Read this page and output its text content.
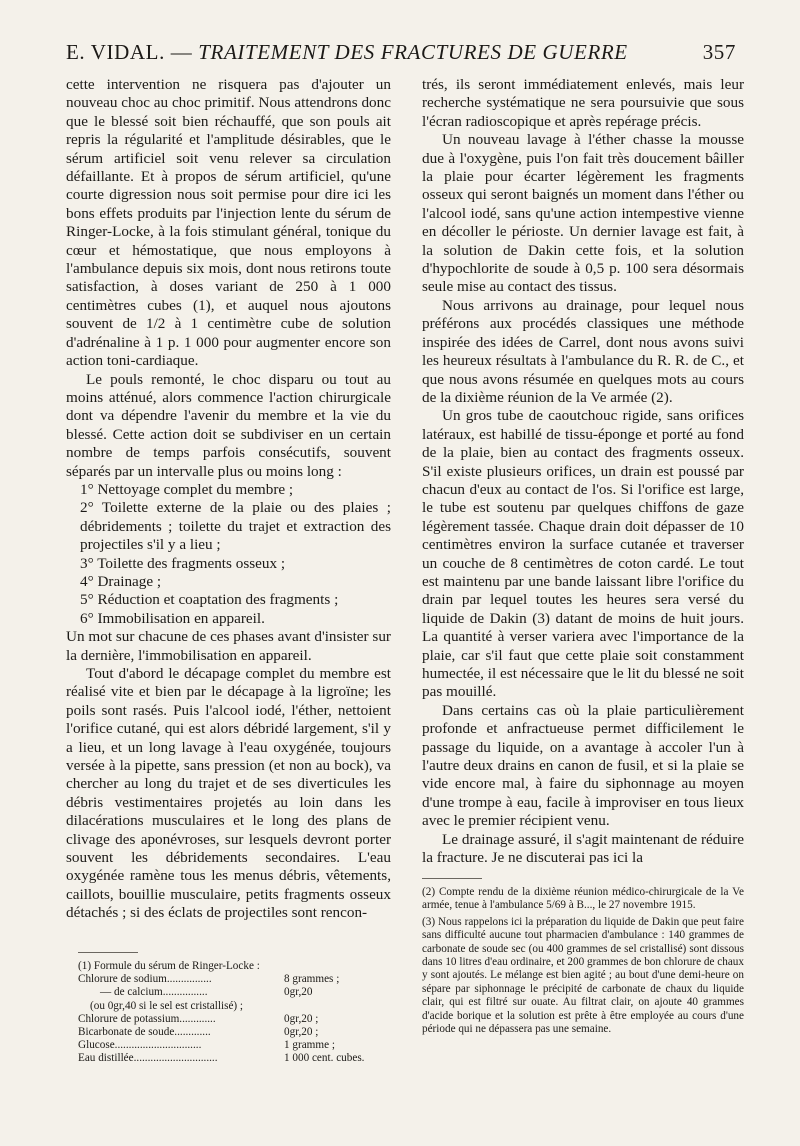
E. VIDAL. — TRAITEMENT DES FRACTURES DE GUERRE	357

cette intervention ne risquera pas d'ajouter un nouveau choc au choc primitif. Nous attendrons donc que le blessé soit bien réchauffé, que son pouls ait repris la régularité et l'amplitude désirables, que le sérum artificiel soit venu relever sa circulation défaillante. Et à propos de sérum artificiel, qu'une courte digression nous soit permise pour dire ici les bons effets produits par l'injection lente du sérum de Ringer-Locke, à la fois stimulant général, tonique du cœur et hémostatique, que nous employons à l'ambulance depuis six mois, dont nous retirons toute satisfaction, à doses variant de 250 à 1 000 centimètres cubes (1), et auquel nous ajoutons souvent de 1/2 à 1 centimètre cube de solution d'adrénaline à 1 p. 1 000 pour augmenter encore son action toni-cardiaque.

Le pouls remonté, le choc disparu ou tout au moins atténué, alors commence l'action chirurgicale dont va dépendre l'avenir du membre et la vie du blessé. Cette action doit se subdiviser en un certain nombre de temps parfois consécutifs, souvent séparés par un intervalle plus ou moins long :

1° Nettoyage complet du membre ;

2° Toilette externe de la plaie ou des plaies ; débridements ; toilette du trajet et extraction des projectiles s'il y a lieu ;

3° Toilette des fragments osseux ;

4° Drainage ;

5° Réduction et coaptation des fragments ;

6° Immobilisation en appareil.

Un mot sur chacune de ces phases avant d'insister sur la dernière, l'immobilisation en appareil.

Tout d'abord le décapage complet du membre est réalisé vite et bien par le décapage à la ligroïne; les poils sont rasés. Puis l'alcool iodé, l'éther, nettoient l'orifice cutané, qui est alors débridé largement, s'il y a lieu, et un long lavage à l'eau oxygénée, toujours versée à la pipette, sans pression (et non au bock), va chercher au long du trajet et de ses diverticules les débris vestimentaires projetés au loin dans les dilacérations musculaires et le long des plans de clivage des aponévroses, sur lesquels devront porter souvent les débridements secondaires. L'eau oxygénée ramène tous les menus débris, vêtements, caillots, bouillie musculaire, petits fragments osseux détachés ; si des éclats de projectiles sont rencon-

trés, ils seront immédiatement enlevés, mais leur recherche systématique ne sera poursuivie que sous l'écran radioscopique et après repérage précis.

Un nouveau lavage à l'éther chasse la mousse due à l'oxygène, puis l'on fait très doucement bâiller la plaie pour écarter légèrement les fragments osseux qui seront baignés un moment dans l'éther ou l'alcool iodé, sans qu'une action intempestive vienne en décoller le périoste. Un dernier lavage est fait, à la solution de Dakin cette fois, et la solution d'hypochlorite de soude à 0,5 p. 100 sera désormais seule mise au contact des tissus.

Nous arrivons au drainage, pour lequel nous préférons aux procédés classiques une méthode inspirée des idées de Carrel, dont nous avons suivi les heureux résultats à l'ambulance du R. R. de C., et que nous avons résumée en quelques mots au cours de la dixième réunion de la Ve armée (2).

Un gros tube de caoutchouc rigide, sans orifices latéraux, est habillé de tissu-éponge et porté au fond de la plaie, bien au contact des fragments osseux. S'il existe plusieurs orifices, un drain est poussé par chacun d'eux au contact de l'os. Si l'orifice est large, le tube est soutenu par quelques chiffons de gaze légèrement tassée. Chaque drain doit dépasser de 10 centimètres environ la surface cutanée et traverser un couche de 8 centimètres de coton cardé. Le tout est maintenu par une bande laissant libre l'orifice du drain par lequel toutes les heures sera versé du liquide de Dakin (3) datant de moins de huit jours. La quantité à verser variera avec l'importance de la plaie, car s'il faut que cette plaie soit constamment humectée, il est nécessaire que le lit du blessé ne soit pas mouillé.

Dans certains cas où la plaie particulièrement profonde et anfractueuse permet difficilement le passage du liquide, on a avantage à accoler l'un à l'autre deux drains en canon de fusil, et si la plaie se vide encore mal, à faire du siphonnage au moyen d'une trompe à eau, facile à improviser en tous lieux avec le premier récipient venu.

Le drainage assuré, il s'agit maintenant de réduire la fracture. Je ne discuterai pas ici la

(1) Formule du sérum de Ringer-Locke :
Chlorure de sodium................	8 grammes ;
— de calcium................	0gr,20
(ou 0gr,40 si le sel est cristallisé) ;
Chlorure de potassium.............	0gr,20 ;
Bicarbonate de soude.............	0gr,20 ;
Glucose...............................	1 gramme ;
Eau distillée..............................	1 000 cent. cubes.

(2) Compte rendu de la dixième réunion médico-chirurgicale de la Ve armée, tenue à l'ambulance 5/69 à B..., le 27 novembre 1915.

(3) Nous rappelons ici la préparation du liquide de Dakin que peut faire sans difficulté aucune tout pharmacien d'ambulance : 140 grammes de carbonate de soude sec (ou 400 grammes de sel cristallisé) sont dissous dans 10 litres d'eau ordinaire, et 200 grammes de bon chlorure de chaux y sont ajoutés. Le mélange est bien agité ; au bout d'une demi-heure on sépare par siphonnage le précipité de carbonate de chaux du liquide clair, qui est filtré sur ouate. Au filtrat clair, on ajoute 40 grammes d'acide borique et la solution est prête à être employée au cours d'une période qui ne dépassera pas une semaine.
